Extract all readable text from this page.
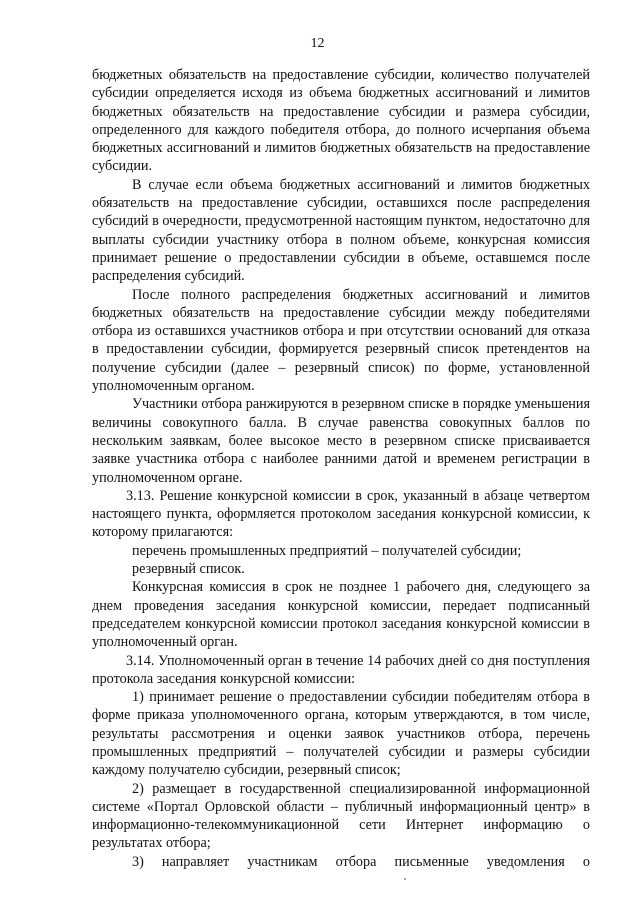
12

бюджетных обязательств на предоставление субсидии, количество получателей субсидии определяется исходя из объема бюджетных ассигнований и лимитов бюджетных обязательств на предоставление субсидии и размера субсидии, определенного для каждого победителя отбора, до полного исчерпания объема бюджетных ассигнований и лимитов бюджетных обязательств на предоставление субсидии.

В случае если объема бюджетных ассигнований и лимитов бюджетных обязательств на предоставление субсидии, оставшихся после распределения субсидий в очередности, предусмотренной настоящим пунктом, недостаточно для выплаты субсидии участнику отбора в полном объеме, конкурсная комиссия принимает решение о предоставлении субсидии в объеме, оставшемся после распределения субсидий.

После полного распределения бюджетных ассигнований и лимитов бюджетных обязательств на предоставление субсидии между победителями отбора из оставшихся участников отбора и при отсутствии оснований для отказа в предоставлении субсидии, формируется резервный список претендентов на получение субсидии (далее – резервный список) по форме, установленной уполномоченным органом.

Участники отбора ранжируются в резервном списке в порядке уменьшения величины совокупного балла. В случае равенства совокупных баллов по нескольким заявкам, более высокое место в резервном списке присваивается заявке участника отбора с наиболее ранними датой и временем регистрации в уполномоченном органе.

3.13. Решение конкурсной комиссии в срок, указанный в абзаце четвертом настоящего пункта, оформляется протоколом заседания конкурсной комиссии, к которому прилагаются:

перечень промышленных предприятий – получателей субсидии;

резервный список.

Конкурсная комиссия в срок не позднее 1 рабочего дня, следующего за днем проведения заседания конкурсной комиссии, передает подписанный председателем конкурсной комиссии протокол заседания конкурсной комиссии в уполномоченный орган.

3.14. Уполномоченный орган в течение 14 рабочих дней со дня поступления протокола заседания конкурсной комиссии:

1) принимает решение о предоставлении субсидии победителям отбора в форме приказа уполномоченного органа, которым утверждаются, в том числе, результаты рассмотрения и оценки заявок участников отбора, перечень промышленных предприятий – получателей субсидии и размеры субсидии каждому получателю субсидии, резервный список;

2) размещает в государственной специализированной информационной системе «Портал Орловской области – публичный информационный центр» в информационно-телекоммуникационной сети Интернет информацию о результатах отбора;

3) направляет участникам отбора письменные уведомления о
